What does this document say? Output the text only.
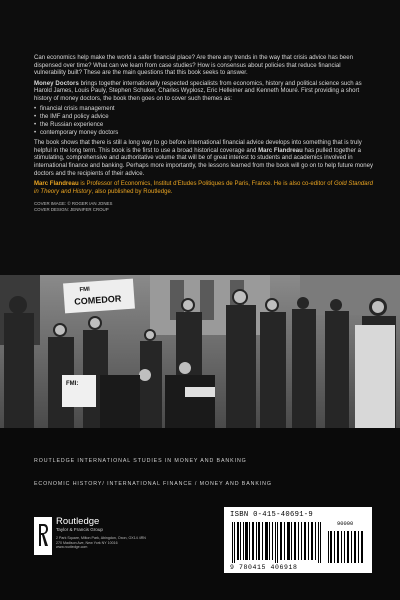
Can economics help make the world a safer financial place? Are there any trends in the way that crisis advice has been dispensed over time? What can we learn from case studies? How is consensus about policies that reduce financial vulnerability built? These are the main questions that this book seeks to answer.

Money Doctors brings together internationally respected specialists from economics, history and political science such as Harold James, Louis Pauly, Stephen Schuker, Charles Wyplosz, Eric Helleiner and Kenneth Mouré. First providing a short history of money doctors, the book then goes on to cover such themes as:

• financial crisis management
• the IMF and policy advice
• the Russian experience
• contemporary money doctors

The book shows that there is still a long way to go before international financial advice develops into something that is truly helpful in the long term. This book is the first to use a broad historical coverage and Marc Flandreau has pulled together a stimulating, comprehensive and authoritative volume that will be of great interest to students and academics involved in international finance and banking. Perhaps more importantly, the lessons learned from the book will go on to help future money doctors and the recipients of their advice.

Marc Flandreau is Professor of Economics, Institut d'Etudes Politiques de Paris, France. He is also co-editor of Gold Standard in Theory and History, also published by Routledge.

COVER IMAGE: © ROGER IAN JONES
COVER DESIGN: JENNIFER CROUP
FMI
COMEDOR
FMI:
ROUTLEDGE INTERNATIONAL STUDIES IN MONEY AND BANKING
ECONOMIC HISTORY/ INTERNATIONAL FINANCE / MONEY AND BANKING
Routledge
Taylor & Francis Group
2 Park Square, Milton Park, Abingdon, Oxon, OX14 4RN
270 Madison Ave, New York NY 10016
www.routledge.com
ISBN 0-415-40691-9
90000
9 780415 406918
